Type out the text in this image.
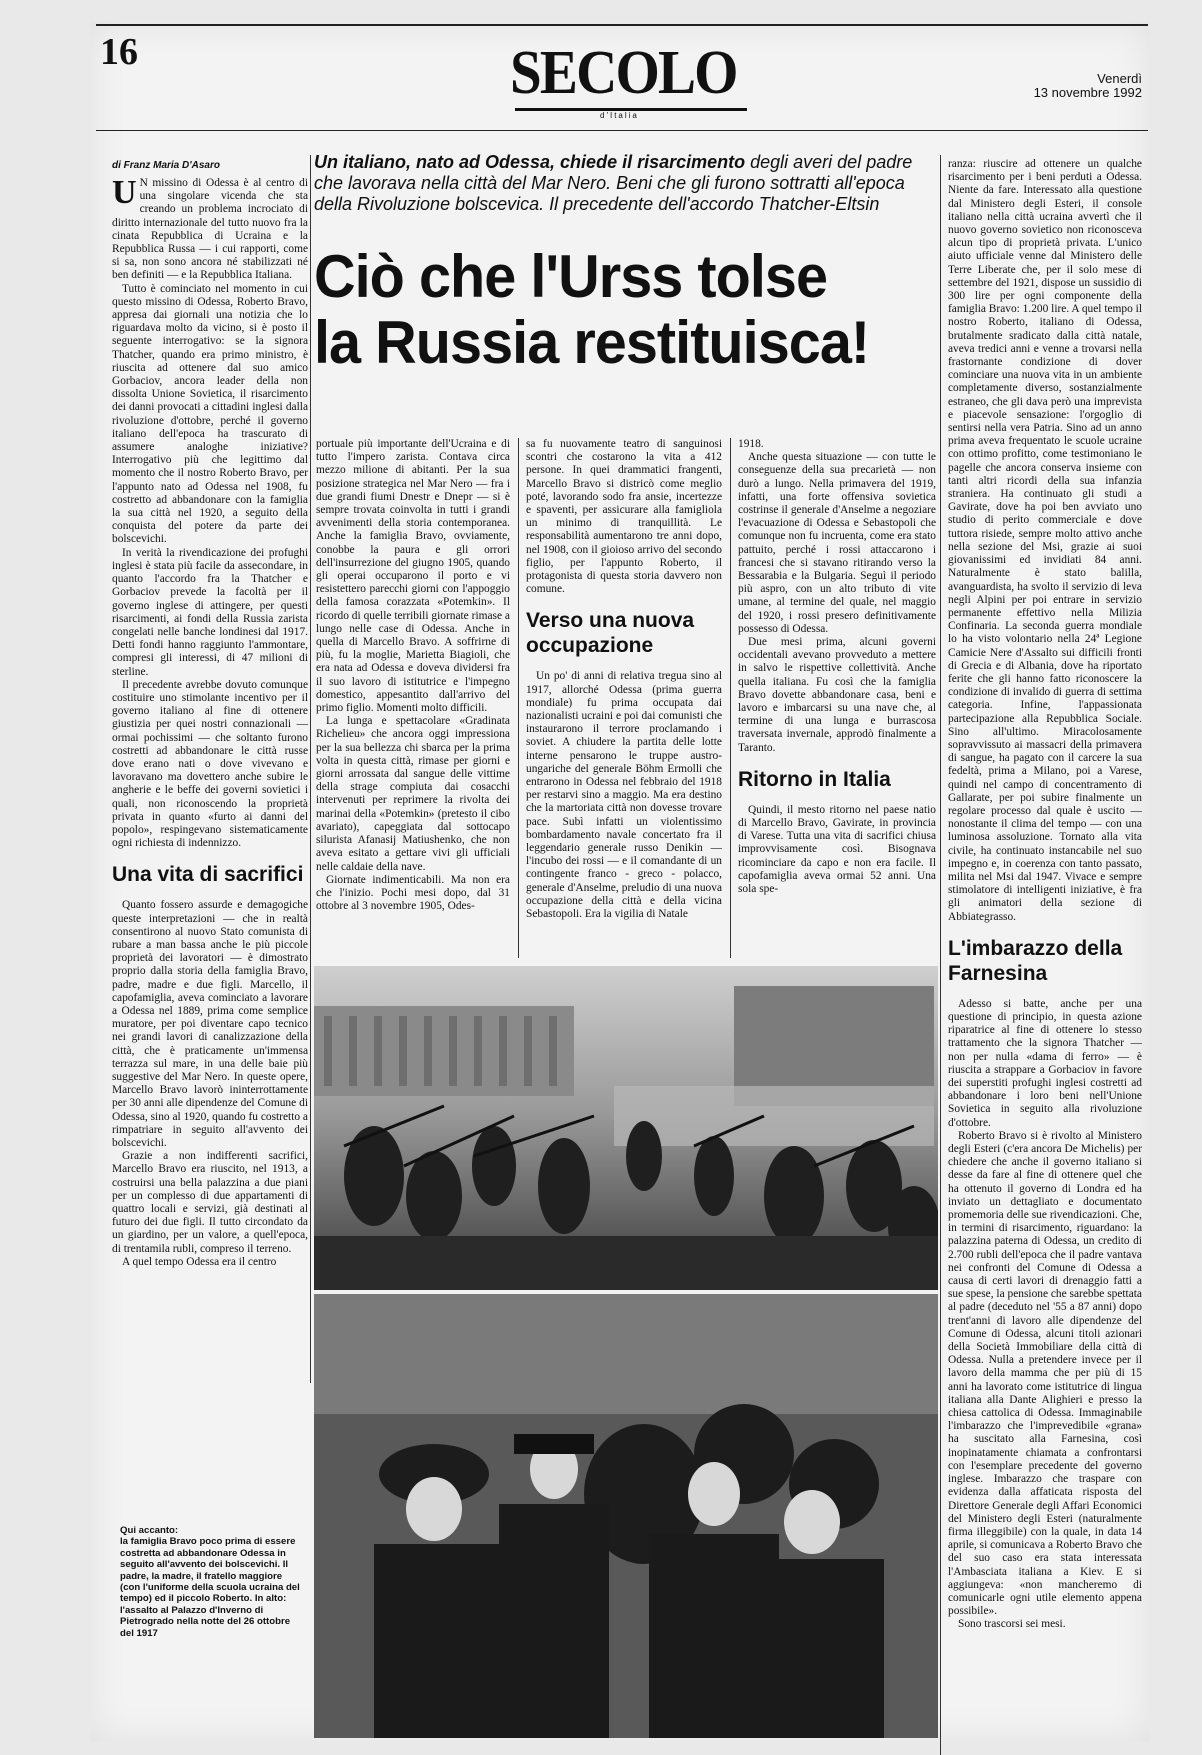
16	SECOLO
d'Italia
Venerdì
13 novembre 1992
di Franz Maria D'Asaro

U N missino di Odessa è al centro di una singolare vicenda che sta creando un problema incrociato di diritto internazionale del tutto nuovo fra la cinata Repubblica di Ucraina e la Repubblica Russa — i cui rapporti, come si sa, non sono ancora né stabilizzati né ben definiti — e la Repubblica Italiana.

Tutto è cominciato nel momento in cui questo missino di Odessa, Roberto Bravo, appresa dai giornali una notizia che lo riguardava molto da vicino, si è posto il seguente interrogativo: se la signora Thatcher, quando era primo ministro, è riuscita ad ottenere dal suo amico Gorbaciov, ancora leader della non dissolta Unione Sovietica, il risarcimento dei danni provocati a cittadini inglesi dalla rivoluzione d'ottobre, perché il governo italiano dell'epoca ha trascurato di assumere analoghe iniziative? Interrogativo più che legittimo dal momento che il nostro Roberto Bravo, per l'appunto nato ad Odessa nel 1908, fu costretto ad abbandonare con la famiglia la sua città nel 1920, a seguito della conquista del potere da parte dei bolscevichi.

In verità la rivendicazione dei profughi inglesi è stata più facile da assecondare, in quanto l'accordo fra la Thatcher e Gorbaciov prevede la facoltà per il governo inglese di attingere, per questi risarcimenti, ai fondi della Russia zarista congelati nelle banche londinesi dal 1917. Detti fondi hanno raggiunto l'ammontare, compresi gli interessi, di 47 milioni di sterline.

Il precedente avrebbe dovuto comunque costituire uno stimolante incentivo per il governo italiano al fine di ottenere giustizia per quei nostri connazionali — ormai pochissimi — che soltanto furono costretti ad abbandonare le città russe dove erano nati o dove vivevano e lavoravano ma dovettero anche subire le angherie e le beffe dei governi sovietici i quali, non riconoscendo la proprietà privata in quanto «furto ai danni del popolo», respingevano sistematicamente ogni richiesta di indennizzo.

Una vita di sacrifici

Quanto fossero assurde e demagogiche queste interpretazioni — che in realtà consentirono al nuovo Stato comunista di rubare a man bassa anche le più piccole proprietà dei lavoratori — è dimostrato proprio dalla storia della famiglia Bravo, padre, madre e due figli. Marcello, il capofamiglia, aveva cominciato a lavorare a Odessa nel 1889, prima come semplice muratore, per poi diventare capo tecnico nei grandi lavori di canalizzazione della città, che è praticamente un'immensa terrazza sul mare, in una delle baie più suggestive del Mar Nero. In queste opere, Marcello Bravo lavorò ininterrottamente per 30 anni alle dipendenze del Comune di Odessa, sino al 1920, quando fu costretto a rimpatriare in seguito all'avvento dei bolscevichi.

Grazie a non indifferenti sacrifici, Marcello Bravo era riuscito, nel 1913, a costruirsi una bella palazzina a due piani per un complesso di due appartamenti di quattro locali e servizi, già destinati al futuro dei due figli. Il tutto circondato da un giardino, per un valore, a quell'epoca, di trentamila rubli, compreso il terreno.

A quel tempo Odessa era il centro

Un italiano, nato ad Odessa, chiede il risarcimento degli averi del padre che lavorava nella città del Mar Nero. Beni che gli furono sottratti all'epoca della Rivoluzione bolscevica. Il precedente dell'accordo Thatcher-Eltsin
Ciò che l'Urss tolse
la Russia restituisca!

portuale più importante dell'Ucraina e di tutto l'impero zarista. Contava circa mezzo milione di abitanti. Per la sua posizione strategica nel Mar Nero — fra i due grandi fiumi Dnestr e Dnepr — si è sempre trovata coinvolta in tutti i grandi avvenimenti della storia contemporanea. Anche la famiglia Bravo, ovviamente, conobbe la paura e gli orrori dell'insurrezione del giugno 1905, quando gli operai occuparono il porto e vi resistettero parecchi giorni con l'appoggio della famosa corazzata «Potemkin». Il ricordo di quelle terribili giornate rimase a lungo nelle case di Odessa. Anche in quella di Marcello Bravo. A soffrirne di più, fu la moglie, Marietta Biagioli, che era nata ad Odessa e doveva dividersi fra il suo lavoro di istitutrice e l'impegno domestico, appesantito dall'arrivo del primo figlio. Momenti molto difficili.

La lunga e spettacolare «Gradinata Richelieu» che ancora oggi impressiona per la sua bellezza chi sbarca per la prima volta in questa città, rimase per giorni e giorni arrossata dal sangue delle vittime della strage compiuta dai cosacchi intervenuti per reprimere la rivolta dei marinai della «Potemkin» (pretesto il cibo avariato), capeggiata dal sottocapo silurista Afanasij Matiushenko, che non aveva esitato a gettare vivi gli ufficiali nelle caldaie della nave.

Giornate indimenticabili. Ma non era che l'inizio. Pochi mesi dopo, dal 31 ottobre al 3 novembre 1905, Odes-

sa fu nuovamente teatro di sanguinosi scontri che costarono la vita a 412 persone. In quei drammatici frangenti, Marcello Bravo si districò come meglio poté, lavorando sodo fra ansie, incertezze e spaventi, per assicurare alla famigliola un minimo di tranquillità. Le responsabilità aumentarono tre anni dopo, nel 1908, con il gioioso arrivo del secondo figlio, per l'appunto Roberto, il protagonista di questa storia davvero non comune.

Verso una nuova occupazione

Un po' di anni di relativa tregua sino al 1917, allorché Odessa (prima guerra mondiale) fu prima occupata dai nazionalisti ucraini e poi dai comunisti che instaurarono il terrore proclamando i soviet. A chiudere la partita delle lotte interne pensarono le truppe austro-ungariche del generale Böhm Ermolli che entrarono in Odessa nel febbraio del 1918 per restarvi sino a maggio. Ma era destino che la martoriata città non dovesse trovare pace. Subì infatti un violentissimo bombardamento navale concertato fra il leggendario generale russo Denikin — l'incubo dei rossi — e il comandante di un contingente franco - greco - polacco, generale d'Anselme, preludio di una nuova occupazione della città e della vicina Sebastopoli. Era la vigilia di Natale

1918.

Anche questa situazione — con tutte le conseguenze della sua precarietà — non durò a lungo. Nella primavera del 1919, infatti, una forte offensiva sovietica costrinse il generale d'Anselme a negoziare l'evacuazione di Odessa e Sebastopoli che comunque non fu incruenta, come era stato pattuito, perché i rossi attaccarono i francesi che si stavano ritirando verso la Bessarabia e la Bulgaria. Seguì il periodo più aspro, con un alto tributo di vite umane, al termine del quale, nel maggio del 1920, i rossi presero definitivamente possesso di Odessa.

Due mesi prima, alcuni governi occidentali avevano provveduto a mettere in salvo le rispettive collettività. Anche quella italiana. Fu così che la famiglia Bravo dovette abbandonare casa, beni e lavoro e imbarcarsi su una nave che, al termine di una lunga e burrascosa traversata invernale, approdò finalmente a Taranto.

Ritorno in Italia

Quindi, il mesto ritorno nel paese natio di Marcello Bravo, Gavirate, in provincia di Varese. Tutta una vita di sacrifici chiusa improvvisamente così. Bisognava ricominciare da capo e non era facile. Il capofamiglia aveva ormai 52 anni. Una sola spe-

ranza: riuscire ad ottenere un qualche risarcimento per i beni perduti a Odessa. Niente da fare. Interessato alla questione dal Ministero degli Esteri, il console italiano nella città ucraina avvertì che il nuovo governo sovietico non riconosceva alcun tipo di proprietà privata. L'unico aiuto ufficiale venne dal Ministero delle Terre Liberate che, per il solo mese di settembre del 1921, dispose un sussidio di 300 lire per ogni componente della famiglia Bravo: 1.200 lire. A quel tempo il nostro Roberto, italiano di Odessa, brutalmente sradicato dalla città natale, aveva tredici anni e venne a trovarsi nella frastornante condizione di dover cominciare una nuova vita in un ambiente completamente diverso, sostanzialmente estraneo, che gli dava però una imprevista e piacevole sensazione: l'orgoglio di sentirsi nella vera Patria. Sino ad un anno prima aveva frequentato le scuole ucraine con ottimo profitto, come testimoniano le pagelle che ancora conserva insieme con tanti altri ricordi della sua infanzia straniera. Ha continuato gli studi a Gavirate, dove ha poi ben avviato uno studio di perito commerciale e dove tuttora risiede, sempre molto attivo anche nella sezione del Msi, grazie ai suoi giovanissimi ed invidiati 84 anni. Naturalmente è stato balilla, avanguardista, ha svolto il servizio di leva negli Alpini per poi entrare in servizio permanente effettivo nella Milizia Confinaria. La seconda guerra mondiale lo ha visto volontario nella 24ª Legione Camicie Nere d'Assalto sui difficili fronti di Grecia e di Albania, dove ha riportato ferite che gli hanno fatto riconoscere la condizione di invalido di guerra di settima categoria. Infine, l'appassionata partecipazione alla Repubblica Sociale. Sino all'ultimo. Miracolosamente sopravvissuto ai massacri della primavera di sangue, ha pagato con il carcere la sua fedeltà, prima a Milano, poi a Varese, quindi nel campo di concentramento di Gallarate, per poi subire finalmente un regolare processo dal quale è uscito — nonostante il clima del tempo — con una luminosa assoluzione. Tornato alla vita civile, ha continuato instancabile nel suo impegno e, in coerenza con tanto passato, milita nel Msi dal 1947. Vivace e sempre stimolatore di intelligenti iniziative, è fra gli animatori della sezione di Abbiategrasso.

L'imbarazzo della Farnesina

Adesso si batte, anche per una questione di principio, in questa azione riparatrice al fine di ottenere lo stesso trattamento che la signora Thatcher — non per nulla «dama di ferro» — è riuscita a strappare a Gorbaciov in favore dei superstiti profughi inglesi costretti ad abbandonare i loro beni nell'Unione Sovietica in seguito alla rivoluzione d'ottobre.

Roberto Bravo si è rivolto al Ministero degli Esteri (c'era ancora De Michelis) per chiedere che anche il governo italiano si desse da fare al fine di ottenere quel che ha ottenuto il governo di Londra ed ha inviato un dettagliato e documentato promemoria delle sue rivendicazioni. Che, in termini di risarcimento, riguardano: la palazzina paterna di Odessa, un credito di 2.700 rubli dell'epoca che il padre vantava nei confronti del Comune di Odessa a causa di certi lavori di drenaggio fatti a sue spese, la pensione che sarebbe spettata al padre (deceduto nel '55 a 87 anni) dopo trent'anni di lavoro alle dipendenze del Comune di Odessa, alcuni titoli azionari della Società Immobiliare della città di Odessa. Nulla a pretendere invece per il lavoro della mamma che per più di 15 anni ha lavorato come istitutrice di lingua italiana alla Dante Alighieri e presso la chiesa cattolica di Odessa. Immaginabile l'imbarazzo che l'imprevedibile «grana» ha suscitato alla Farnesina, così inopinatamente chiamata a confrontarsi con l'esemplare precedente del governo inglese. Imbarazzo che traspare con evidenza dalla affaticata risposta del Direttore Generale degli Affari Economici del Ministero degli Esteri (naturalmente firma illeggibile) con la quale, in data 14 aprile, si comunicava a Roberto Bravo che del suo caso era stata interessata l'Ambasciata italiana a Kiev. E si aggiungeva: «non mancheremo di comunicarle ogni utile elemento appena possibile».

Sono trascorsi sei mesi.

Qui accanto:
la famiglia Bravo poco prima di essere costretta ad abbandonare Odessa in seguito all'avvento dei bolscevichi. Il padre, la madre, il fratello maggiore (con l'uniforme della scuola ucraina del tempo) ed il piccolo Roberto. In alto: l'assalto al Palazzo d'Inverno di Pietrogrado nella notte del 26 ottobre del 1917
